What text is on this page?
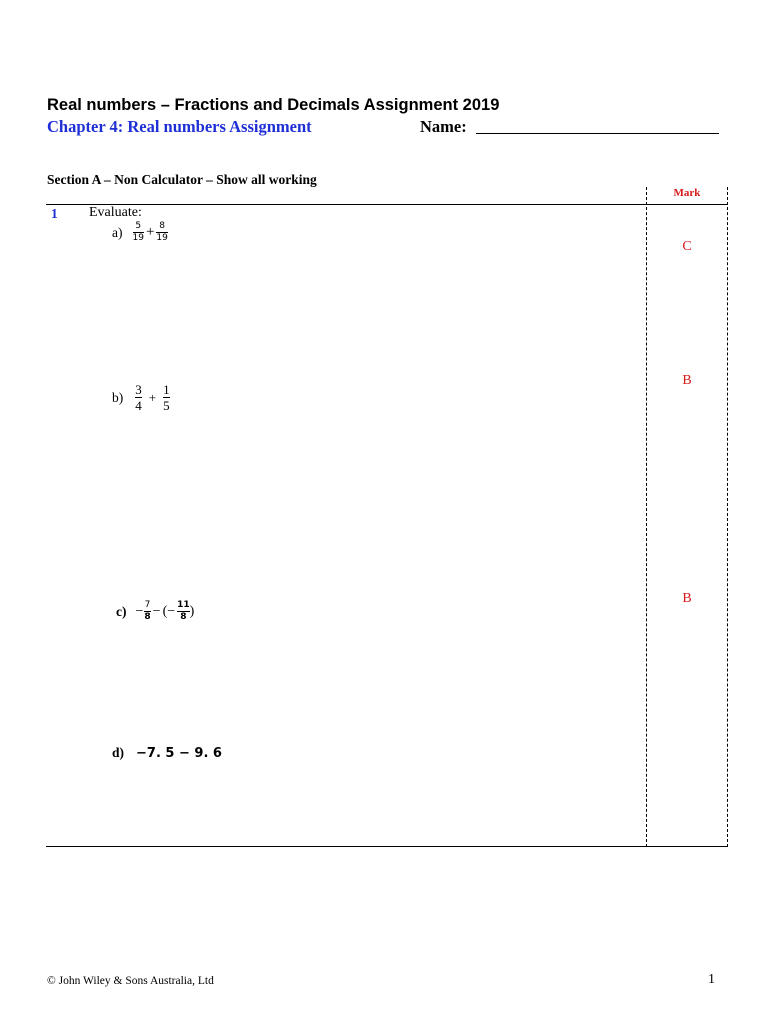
Real numbers – Fractions and Decimals Assignment 2019
Chapter 4: Real numbers Assignment	Name:
Section A – Non Calculator – Show all working
Mark
1 Evaluate:
$a) \frac{5}{19} + \frac{8}{19}$
C
$b) \frac{3}{4} + \frac{1}{5}$
B
$c) - \frac{7}{8}$ − (− $\frac{11}{8}$ )
B
d) −7. 5 − 9. 6
© John Wiley & Sons Australia, Ltd	1
